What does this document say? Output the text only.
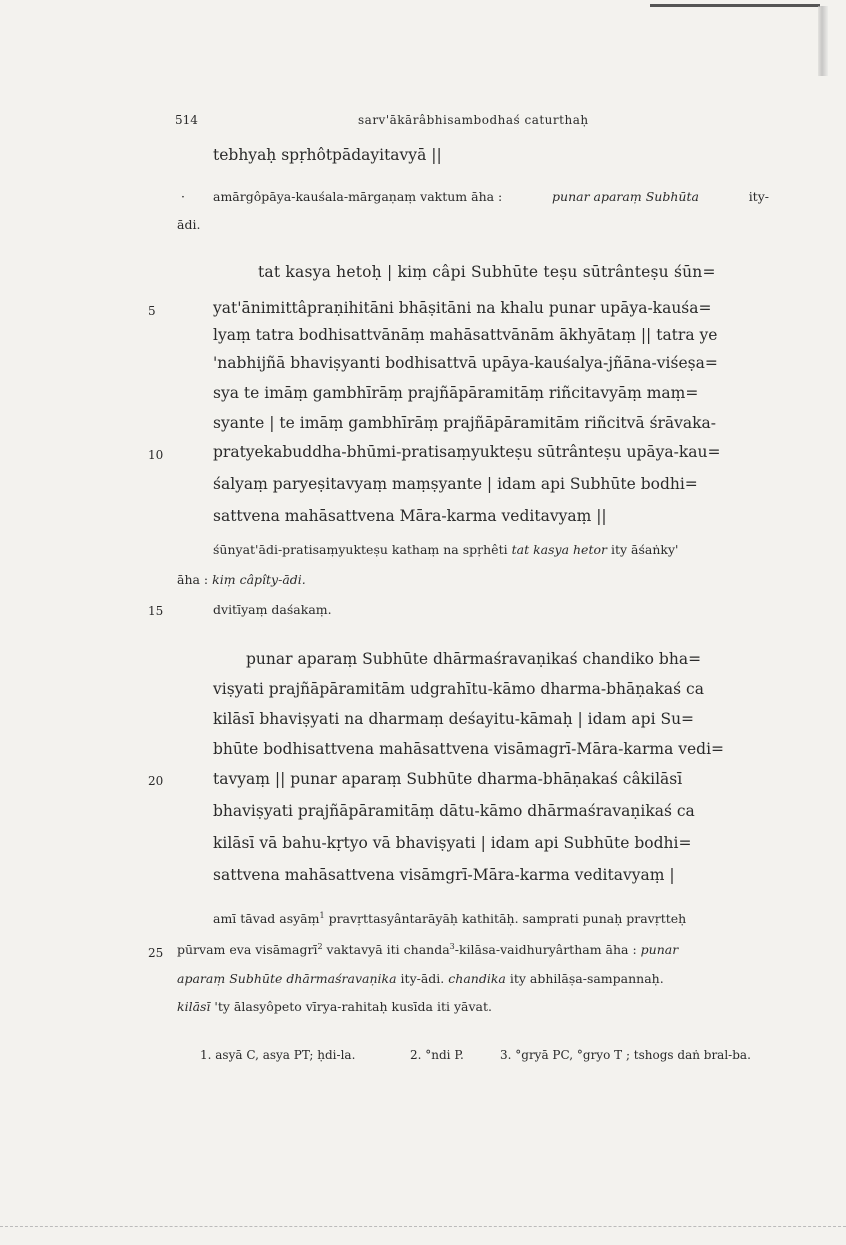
514	sarv'ākārâbhisambodhaś caturthaḥ
5
10
15
20
25
tebhyaḥ spṛhôtpādayitavyā ||
· amārgôpāya-kauśala-mārgaṇaṃ vaktum āha :	punar aparaṃ Subhūta	ity-
ādi.
tat kasya hetoḥ | kiṃ câpi Subhūte teṣu sūtrânteṣu śūn=
yat'ānimittâpraṇihitāni bhāṣitāni na khalu punar upāya-kauśa=
lyaṃ tatra bodhisattvānāṃ mahāsattvānām ākhyātaṃ || tatra ye
'nabhijñā bhaviṣyanti bodhisattvā upāya-kauśalya-jñāna-viśeṣa=
sya te imāṃ gambhīrāṃ prajñāpāramitāṃ riñcitavyāṃ maṃ=
syante | te imāṃ gambhīrāṃ prajñāpāramitām riñcitvā śrāvaka-
pratyekabuddha-bhūmi-pratisaṃyukteṣu sūtrânteṣu upāya-kau=
śalyaṃ paryeṣitavyaṃ maṃṣyante | idam api Subhūte bodhi=
sattvena mahāsattvena Māra-karma veditavyaṃ ||
śūnyat'ādi-pratisaṃyukteṣu kathaṃ na spṛhêti tat kasya hetor ity āśaṅky'
āha : kiṃ câpîty-ādi.
dvitīyaṃ daśakaṃ.
punar aparaṃ Subhūte dhārmaśravaṇikaś chandiko bha=
viṣyati prajñāpāramitām udgrahītu-kāmo dharma-bhāṇakaś ca
kilāsī bhaviṣyati na dharmaṃ deśayitu-kāmaḥ | idam api Su=
bhūte bodhisattvena mahāsattvena visāmagrī-Māra-karma vedi=
tavyaṃ || punar aparaṃ Subhūte dharma-bhāṇakaś câkilāsī
bhaviṣyati prajñāpāramitāṃ dātu-kāmo dhārmaśravaṇikaś ca
kilāsī vā bahu-kṛtyo vā bhaviṣyati | idam api Subhūte bodhi=
sattvena mahāsattvena visāmgrī-Māra-karma veditavyaṃ |
amī tāvad asyāṃ$^1$ pravṛttasyântarāyāḥ kathitāḥ. samprati punaḥ pravṛtteḥ
pūrvam eva visāmagrī$^2$ vaktavyā iti chanda$^3$-kilāsa-vaidhuryârtham āha : punar
aparaṃ Subhūte dhārmaśravaṇika ity-ādi. chandika ity abhilāṣa-sampannaḥ.
kilāsī 'ty ālasyôpeto vīrya-rahitaḥ kusīda iti yāvat.
1. asyā C, asya PT; ḥdi-la.	2. °ndi P.	3. °gryā PC, °gryo T ; tshogs daṅ bral-ba.
